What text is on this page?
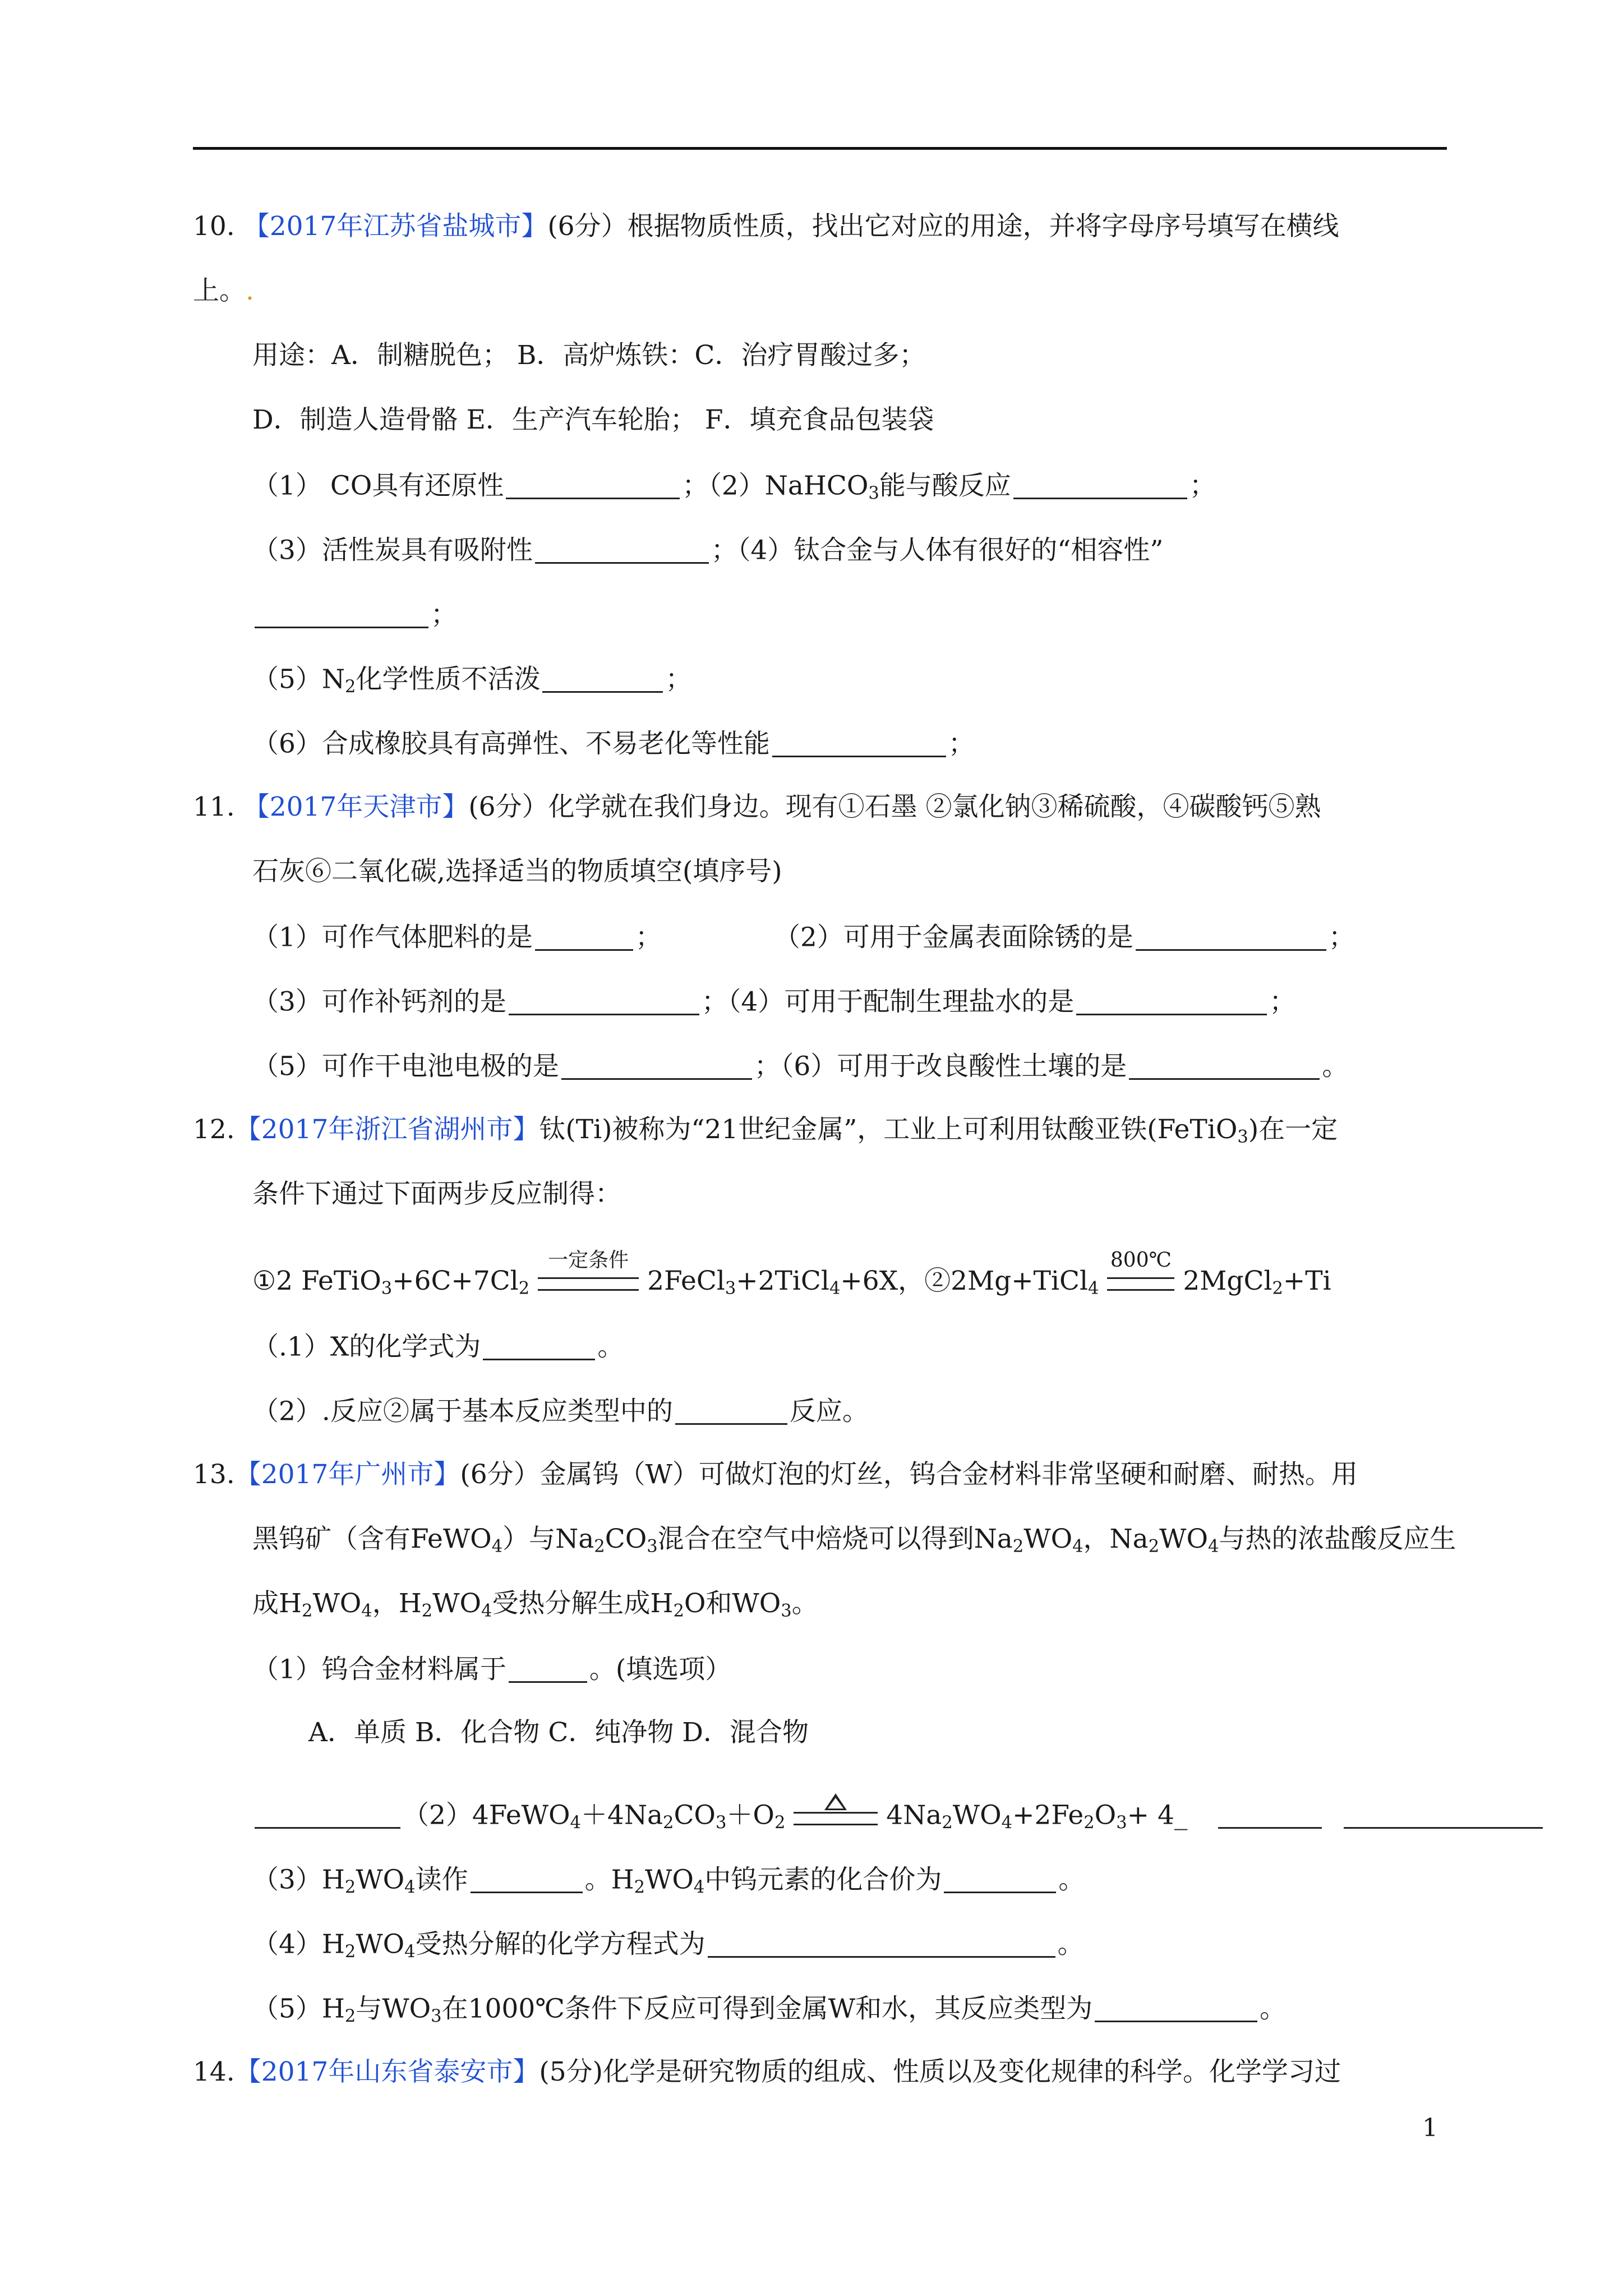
10. 【2017年江苏省盐城市】(6分）根据物质性质，找出它对应的用途，并将字母序号填写在横线
上。.
用途：A．制糖脱色； B．高炉炼铁：C．治疗胃酸过多；
D．制造人造骨骼 E．生产汽车轮胎； F．填充食品包装袋
（1） CO具有还原性	；（2）NaHCO$_3$能与酸反应	；
（3）活性炭具有吸附性	；（4）钛合金与人体有很好的“相容性”
；
$(5)N_2$化学性质不活泼	；
（6）合成橡胶具有高弹性、不易老化等性能	；
11. 【2017年天津市】(6分）化学就在我们身边。现有①石墨 ②氯化钠③稀硫酸，④碳酸钙⑤熟
石灰⑥二氧化碳,选择适当的物质填空(填序号)
（1）可作气体肥料的是	；	（2）可用于金属表面除锈的是	；
（3）可作补钙剂的是	；（4）可用于配制生理盐水的是	；
（5）可作干电池电极的是	；（6）可用于改良酸性土壤的是	。
12.【2017年浙江省湖州市】钛(Ti)被称为“21世纪金属”，工业上可利用钛酸亚铁(FeTiO$_3$)在一定
条件下通过下面两步反应制得：
①2 $FeTiO_3+6C+7Cl_2$
一定条件
2FeCl$_3$+2TiCl$_4$+6X，②2Mg+TiCl$_4$
800℃
2MgCl$_2$+Ti
（.1）X的化学式为	。
（2）.反应②属于基本反应类型中的	反应。
13.【2017年广州市】(6分）金属钨（W）可做灯泡的灯丝，钨合金材料非常坚硬和耐磨、耐热。用
黑钨矿（含有FeWO$_4$）与$Na_2CO_3$混合在空气中焙烧可以得到$Na_2WO_4$，$Na_2WO_4$与热的浓盐酸反应生
成$H_2WO_4$，$H_2WO_4$受热分解生成$H_2O$和$WO_3$。
（1）钨合金材料属于	。(填选项）
A．单质 B．化合物 C．纯净物 D．混合物
$(2)4FeWO_4+4Na_2CO_3+O_2$	$4Na_2WO_4+2Fe_2O_3+$ 4_
$(3)H_2WO_4$读作	。$H_2WO_4$中钨元素的化合价为	。
$(4)H_2WO_4$受热分解的化学方程式为	。
$(5)H_2$与$WO_3$在1000℃条件下反应可得到金属W和水，其反应类型为	。
14.【2017年山东省泰安市】(5分)化学是研究物质的组成、性质以及变化规律的科学。化学学习过
1
